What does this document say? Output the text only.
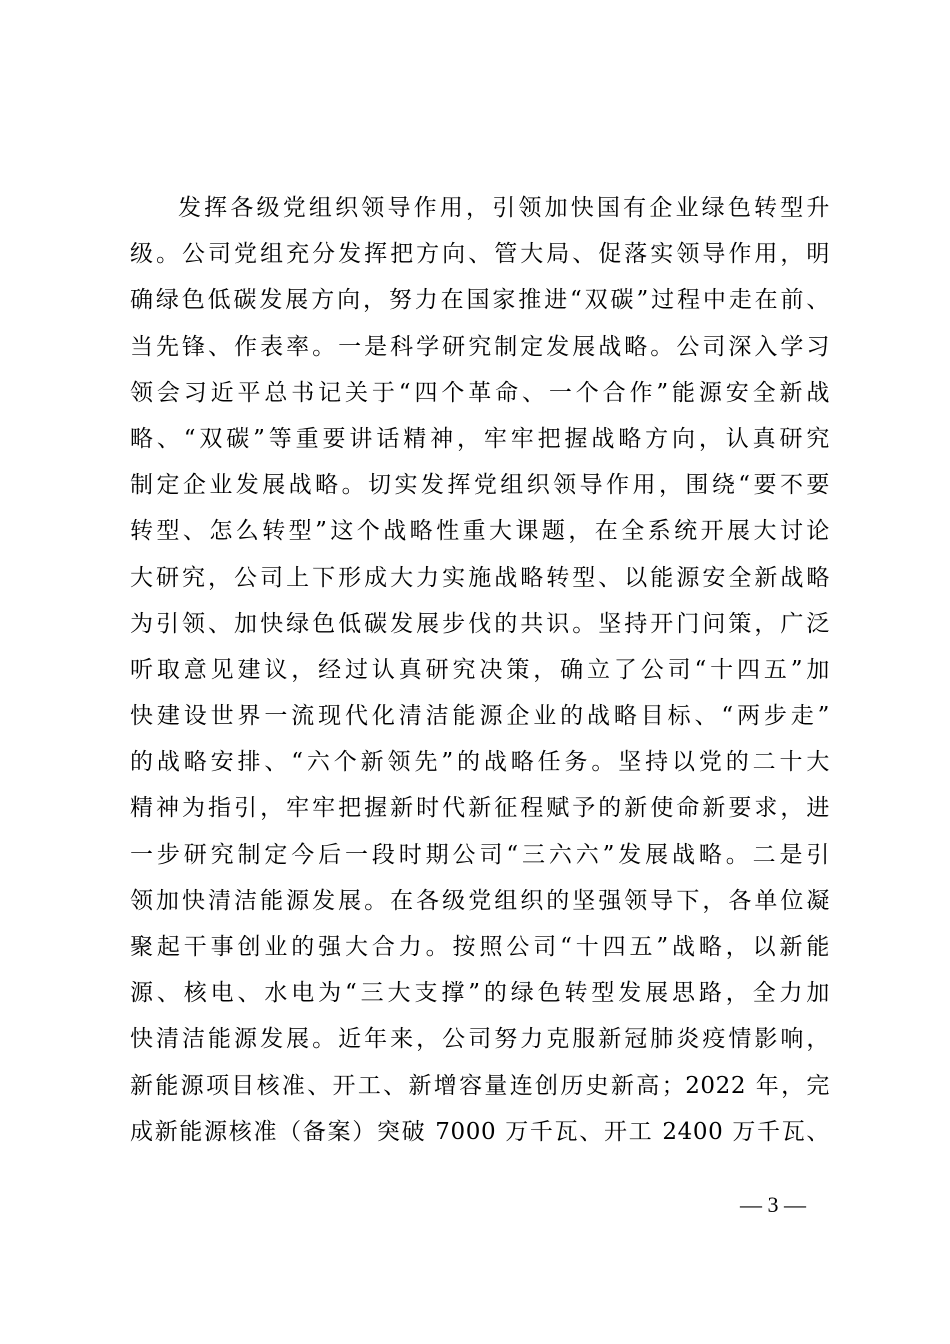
发挥各级党组织领导作用，引领加快国有企业绿色转型升
级。公司党组充分发挥把方向、管大局、促落实领导作用，明
确绿色低碳发展方向，努力在国家推进“双碳”过程中走在前、
当先锋、作表率。一是科学研究制定发展战略。公司深入学习
领会习近平总书记关于“四个革命、一个合作”能源安全新战
略、“双碳”等重要讲话精神，牢牢把握战略方向，认真研究
制定企业发展战略。切实发挥党组织领导作用，围绕“要不要
转型、怎么转型”这个战略性重大课题，在全系统开展大讨论
大研究，公司上下形成大力实施战略转型、以能源安全新战略
为引领、加快绿色低碳发展步伐的共识。坚持开门问策，广泛
听取意见建议，经过认真研究决策，确立了公司“十四五”加
快建设世界一流现代化清洁能源企业的战略目标、“两步走”
的战略安排、“六个新领先”的战略任务。坚持以党的二十大
精神为指引，牢牢把握新时代新征程赋予的新使命新要求，进
一步研究制定今后一段时期公司“三六六”发展战略。二是引
领加快清洁能源发展。在各级党组织的坚强领导下，各单位凝
聚起干事创业的强大合力。按照公司“十四五”战略，以新能
源、核电、水电为“三大支撑”的绿色转型发展思路，全力加
快清洁能源发展。近年来，公司努力克服新冠肺炎疫情影响，
新能源项目核准、开工、新增容量连创历史新高；2022 年，完
成新能源核准（备案）突破 7000 万千瓦、开工 2400 万千瓦、
— 3 —
